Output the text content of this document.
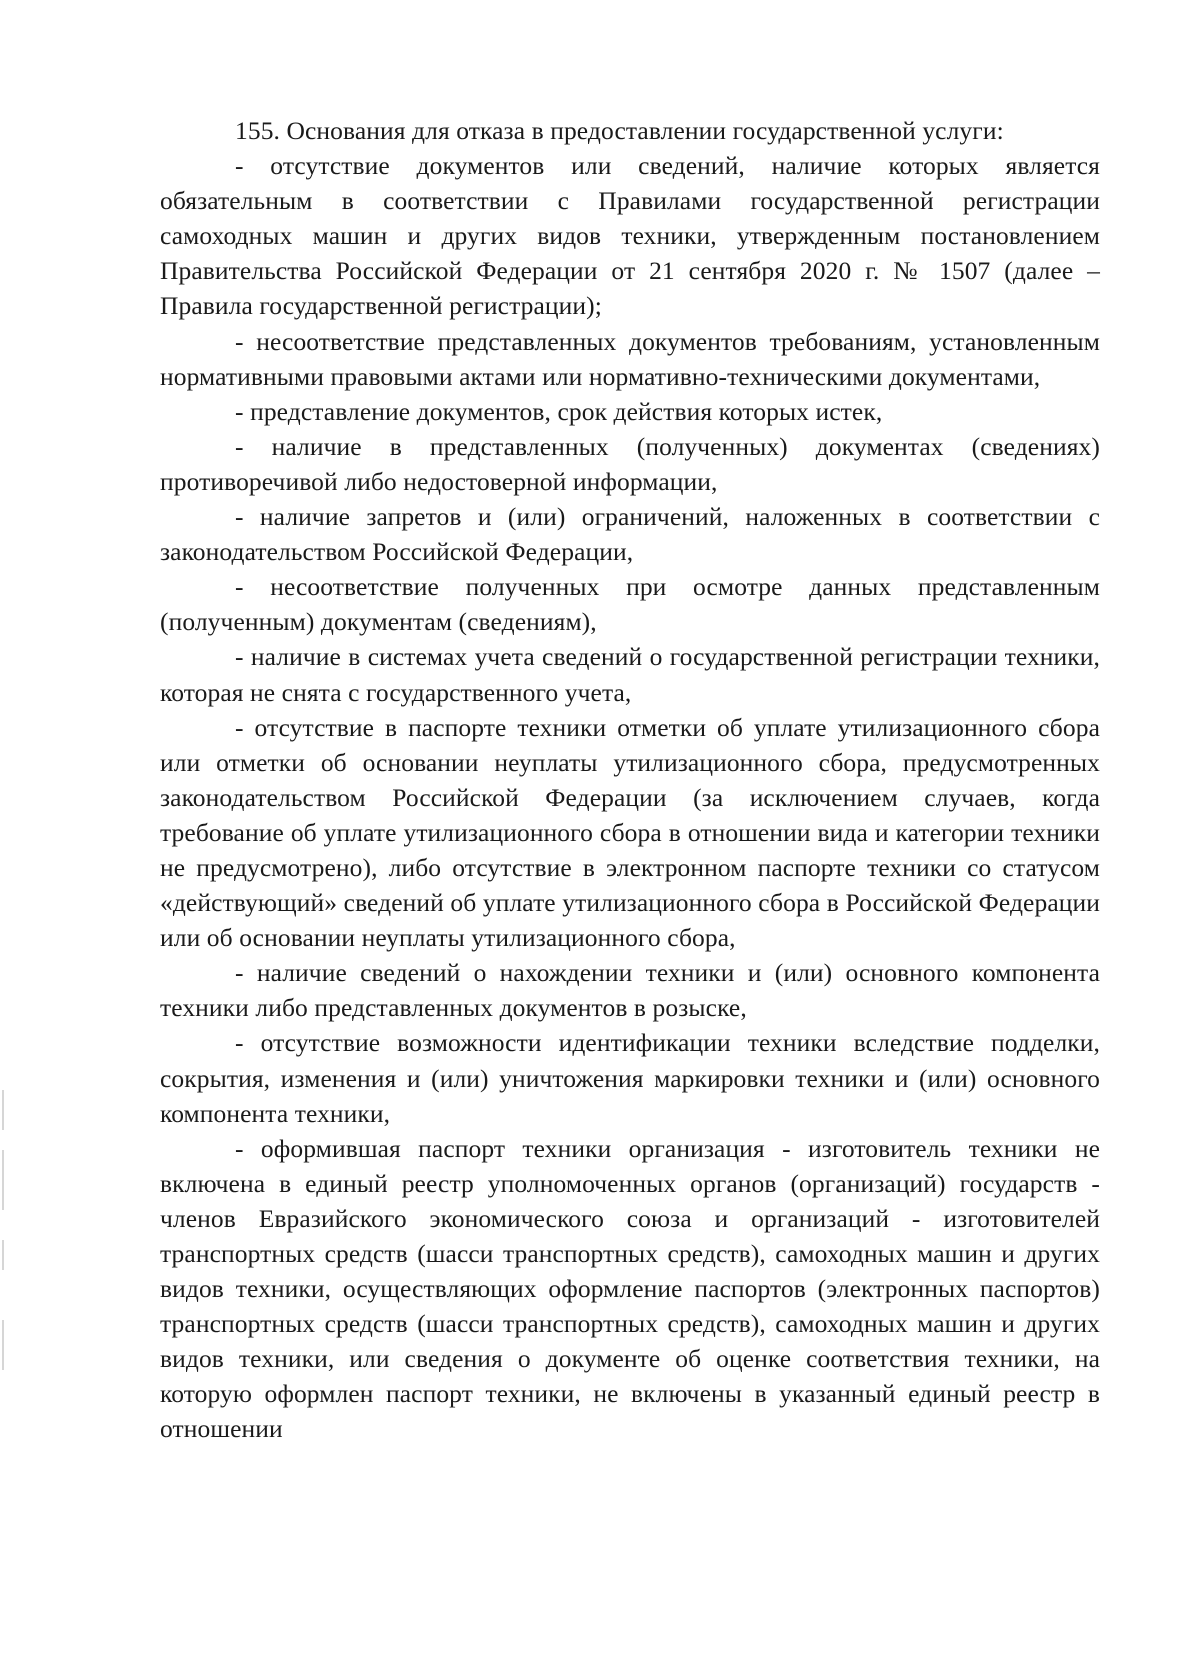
155. Основания для отказа в предоставлении государственной услуги:

- отсутствие документов или сведений, наличие которых является обязательным в соответствии с Правилами государственной регистрации самоходных машин и других видов техники, утвержденным постановлением Правительства Российской Федерации от 21 сентября 2020 г. № 1507 (далее – Правила государственной регистрации);

- несоответствие представленных документов требованиям, установленным нормативными правовыми актами или нормативно-техническими документами,

- представление документов, срок действия которых истек,

- наличие в представленных (полученных) документах (сведениях) противоречивой либо недостоверной информации,

- наличие запретов и (или) ограничений, наложенных в соответствии с законодательством Российской Федерации,

- несоответствие полученных при осмотре данных представленным (полученным) документам (сведениям),

- наличие в системах учета сведений о государственной регистрации техники, которая не снята с государственного учета,

- отсутствие в паспорте техники отметки об уплате утилизационного сбора или отметки об основании неуплаты утилизационного сбора, предусмотренных законодательством Российской Федерации (за исключением случаев, когда требование об уплате утилизационного сбора в отношении вида и категории техники не предусмотрено), либо отсутствие в электронном паспорте техники со статусом «действующий» сведений об уплате утилизационного сбора в Российской Федерации или об основании неуплаты утилизационного сбора,

- наличие сведений о нахождении техники и (или) основного компонента техники либо представленных документов в розыске,

- отсутствие возможности идентификации техники вследствие подделки, сокрытия, изменения и (или) уничтожения маркировки техники и (или) основного компонента техники,

- оформившая паспорт техники организация - изготовитель техники не включена в единый реестр уполномоченных органов (организаций) государств - членов Евразийского экономического союза и организаций - изготовителей транспортных средств (шасси транспортных средств), самоходных машин и других видов техники, осуществляющих оформление паспортов (электронных паспортов) транспортных средств (шасси транспортных средств), самоходных машин и других видов техники, или сведения о документе об оценке соответствия техники, на которую оформлен паспорт техники, не включены в указанный единый реестр в отношении
